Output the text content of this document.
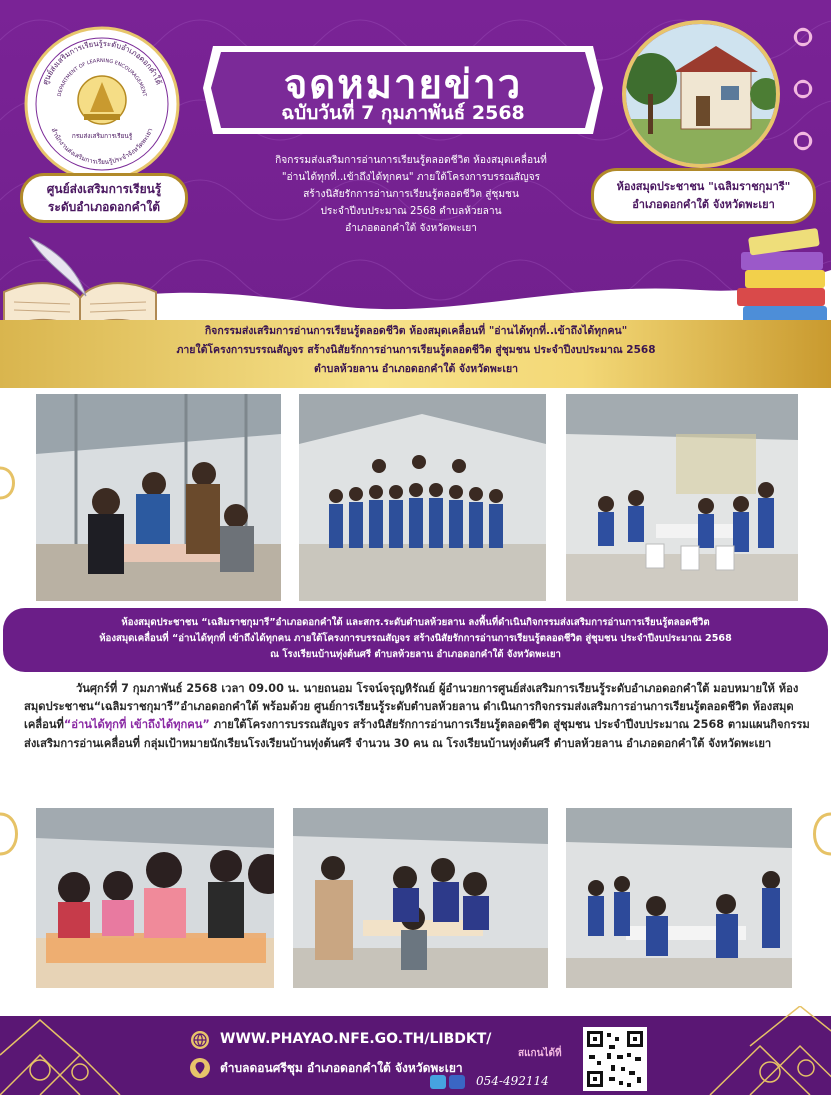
จดหมายข่าว
ฉบับวันที่ 7 กุมภาพันธ์ 2568
กิจกรรมส่งเสริมการอ่านการเรียนรู้ตลอดชีวิต ห้องสมุดเคลื่อนที่
"อ่านได้ทุกที่..เข้าถึงได้ทุกคน" ภายใต้โครงการบรรณสัญจร
สร้างนิสัยรักการอ่านการเรียนรู้ตลอดชีวิต สู่ชุมชน
ประจำปีงบประมาณ 2568 ตำบลห้วยลาน
อำเภอดอกคำใต้ จังหวัดพะเยา
ศูนย์ส่งเสริมการเรียนรู้ระดับอำเภอดอกคำใต้
DEPARTMENT OF LEARNING ENCOURAGEMENT
สำนักงานส่งเสริมการเรียนรู้ประจำจังหวัดพะเยา
กรมส่งเสริมการเรียนรู้
ศูนย์ส่งเสริมการเรียนรู้
ระดับอำเภอดอกคำใต้
ห้องสมุดประชาชน "เฉลิมราชกุมารี"
อำเภอดอกคำใต้ จังหวัดพะเยา
กิจกรรมส่งเสริมการอ่านการเรียนรู้ตลอดชีวิต ห้องสมุดเคลื่อนที่ "อ่านได้ทุกที่..เข้าถึงได้ทุกคน"
ภายใต้โครงการบรรณสัญจร สร้างนิสัยรักการอ่านการเรียนรู้ตลอดชีวิต สู่ชุมชน ประจำปีงบประมาณ 2568
ตำบลห้วยลาน อำเภอดอกคำใต้ จังหวัดพะเยา
ห้องสมุดประชาชน “เฉลิมราชกุมารี”อำเภอดอกคำใต้ และสกร.ระดับตำบลห้วยลาน ลงพื้นที่ดำเนินกิจกรรมส่งเสริมการอ่านการเรียนรู้ตลอดชีวิต
ห้องสมุดเคลื่อนที่ “อ่านได้ทุกที่ เข้าถึงได้ทุกคน ภายใต้โครงการบรรณสัญจร สร้างนิสัยรักการอ่านการเรียนรู้ตลอดชีวิต สู่ชุมชน ประจำปีงบประมาณ 2568
ณ โรงเรียนบ้านทุ่งต้นศรี ตำบลห้วยลาน อำเภอดอกคำใต้ จังหวัดพะเยา
วันศุกร์ที่ 7 กุมภาพันธ์ 2568 เวลา 09.00 น. นายถนอม โรจน์จรุญหิรัณย์ ผู้อำนวยการศูนย์ส่งเสริมการเรียนรู้ระดับอำเภอดอกคำใต้ มอบหมายให้ ห้องสมุดประชาชน“เฉลิมราชกุมารี”อำเภอดอกคำใต้ พร้อมด้วย ศูนย์การเรียนรู้ระดับตำบลห้วยลาน ดำเนินการกิจกรรมส่งเสริมการอ่านการเรียนรู้ตลอดชีวิต ห้องสมุดเคลื่อนที่“อ่านได้ทุกที่ เข้าถึงได้ทุกคน” ภายใต้โครงการบรรณสัญจร สร้างนิสัยรักการอ่านการเรียนรู้ตลอดชีวิต สู่ชุมชน ประจำปีงบประมาณ 2568 ตามแผนกิจกรรมส่งเสริมการอ่านเคลื่อนที่ กลุ่มเป้าหมายนักเรียนโรงเรียนบ้านทุ่งต้นศรี จำนวน 30 คน ณ โรงเรียนบ้านทุ่งต้นศรี ตำบลห้วยลาน อำเภอดอกคำใต้ จังหวัดพะเยา
WWW.PHAYAO.NFE.GO.TH/LIBDKT/
ตำบลดอนศรีชุม อำเภอดอกคำใต้ จังหวัดพะเยา
054-492114
สแกนได้ที่
